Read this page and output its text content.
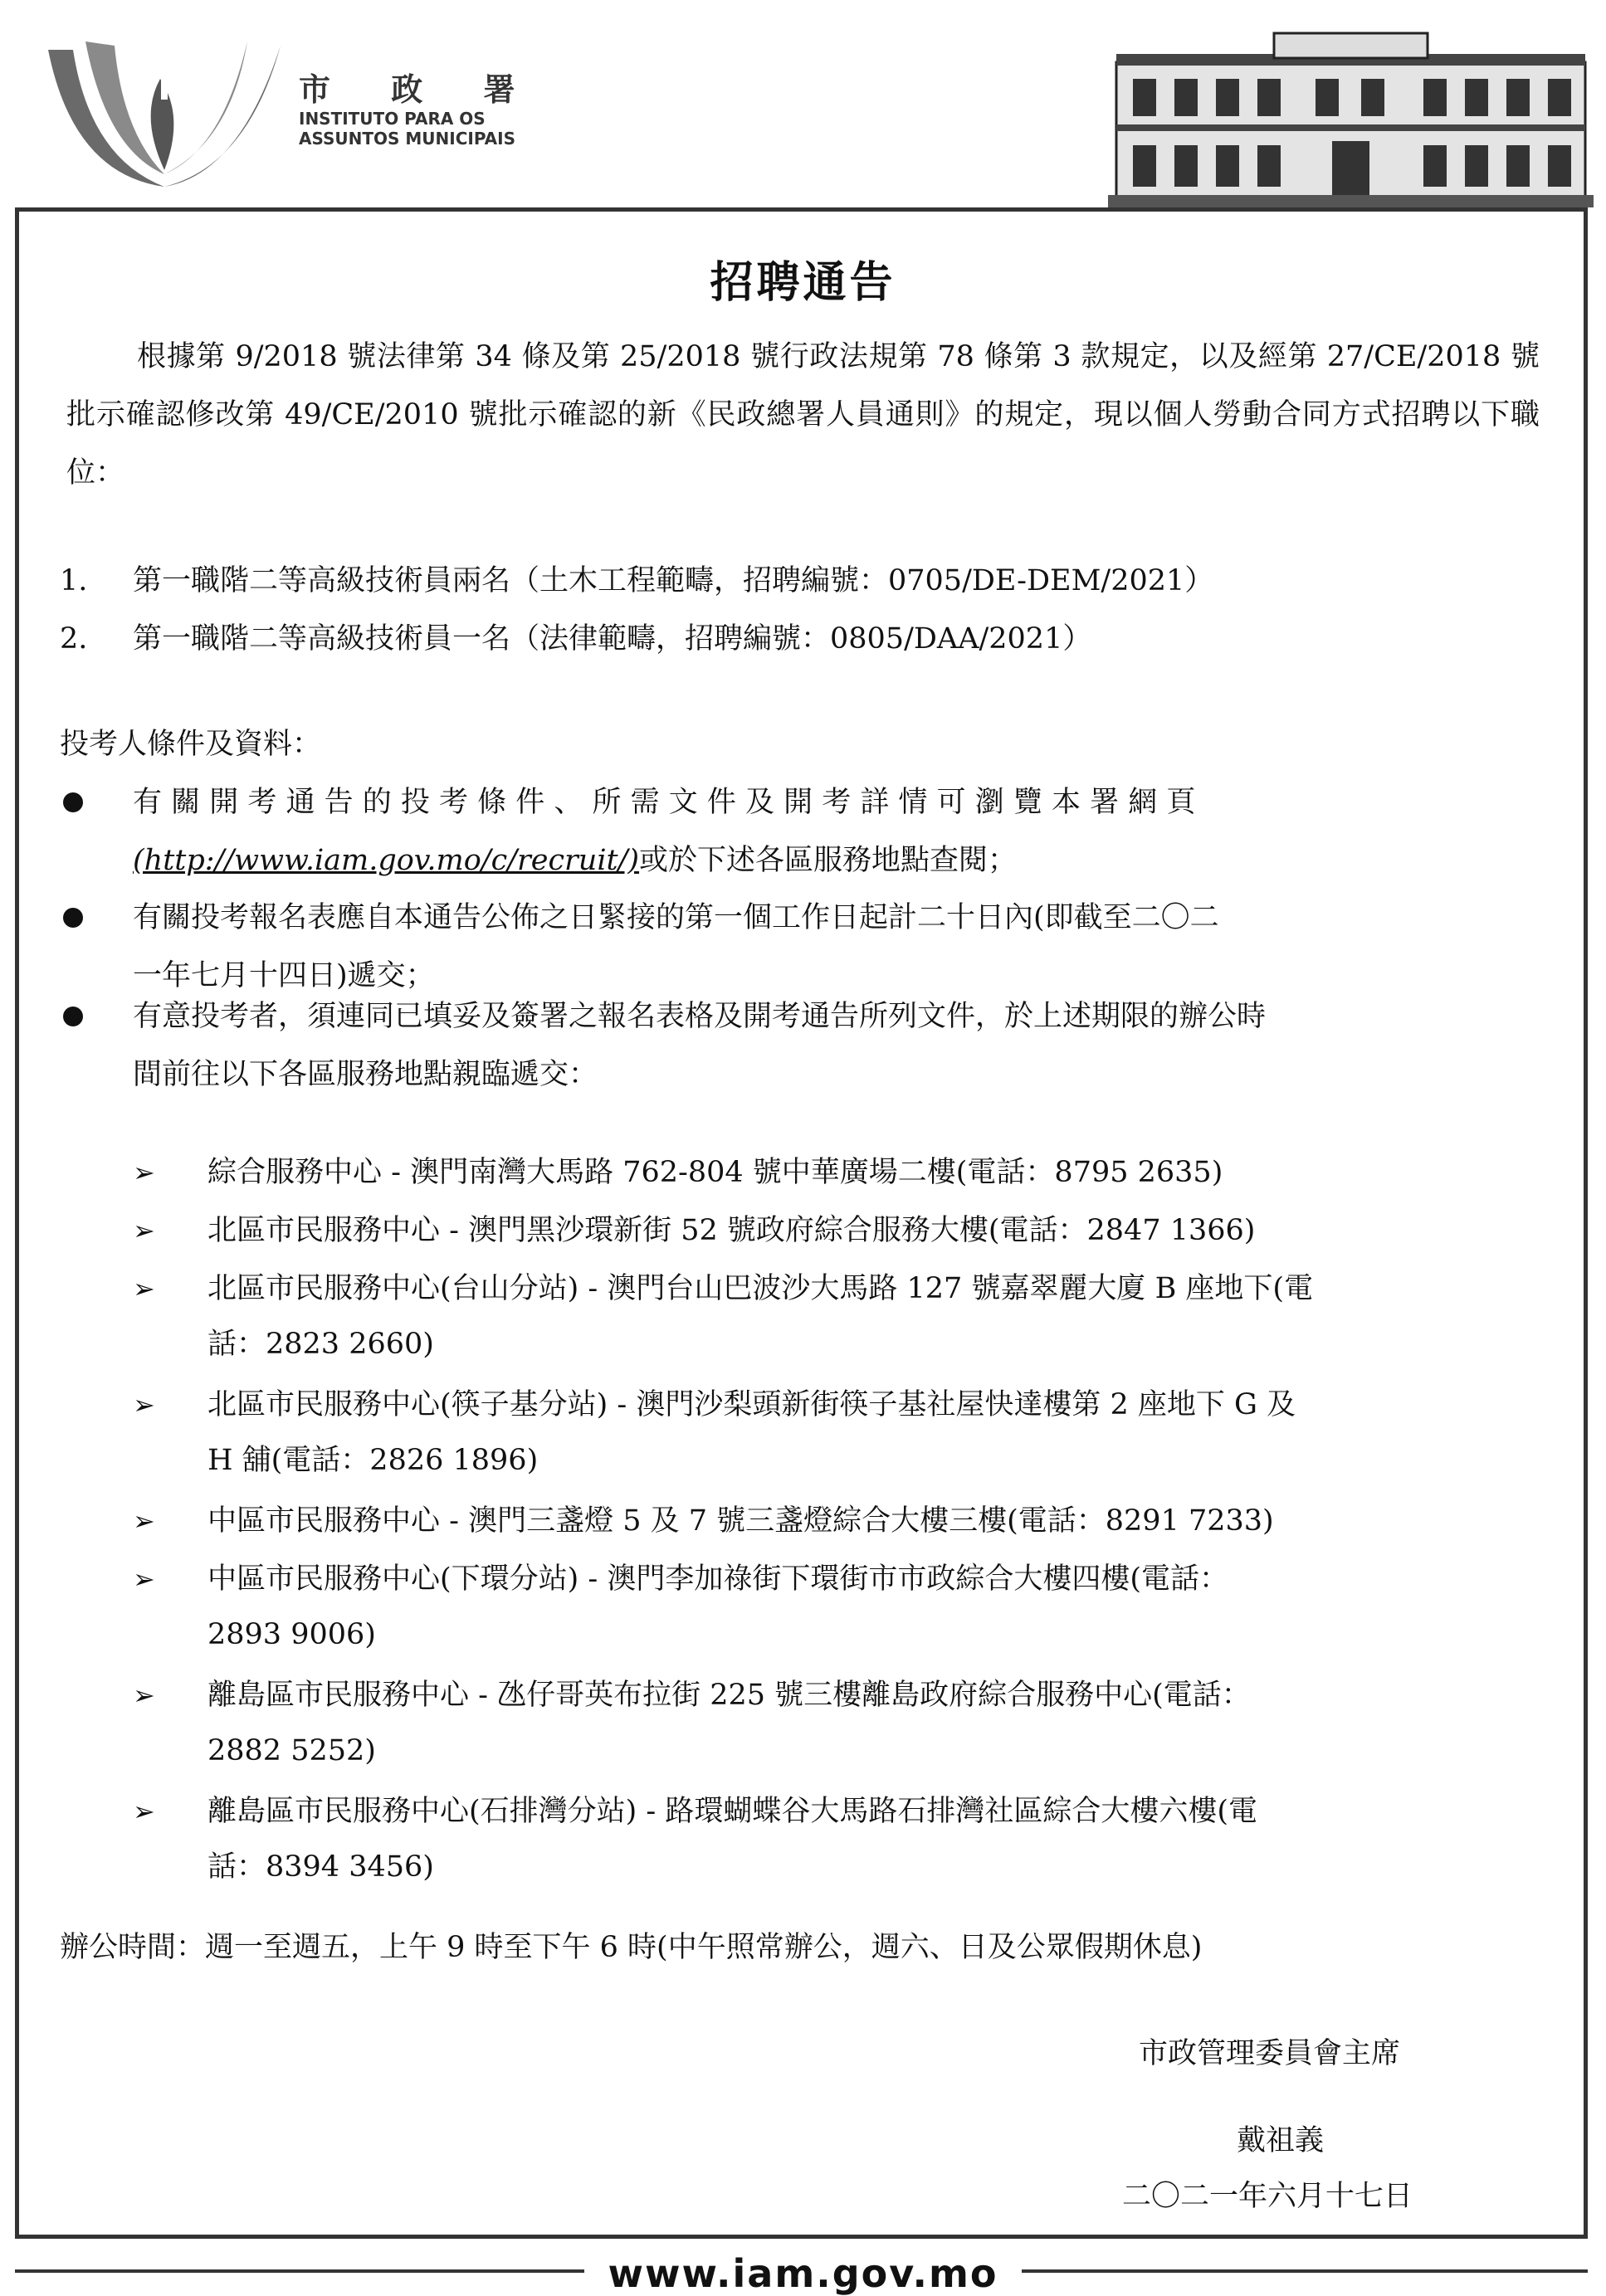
市 政 署
INSTITUTO PARA OS
ASSUNTOS MUNICIPAIS
招聘通告
根據第 9/2018 號法律第 34 條及第 25/2018 號行政法規第 78 條第 3 款規定，以及經第 27/CE/2018 號批示確認修改第 49/CE/2010 號批示確認的新《民政總署人員通則》的規定，現以個人勞動合同方式招聘以下職位：
1. 第一職階二等高級技術員兩名（土木工程範疇，招聘編號：0705/DE-DEM/2021）
2. 第一職階二等高級技術員一名（法律範疇，招聘編號：0805/DAA/2021）
投考人條件及資料：
有 關 開 考 通 告 的 投 考 條 件 、 所 需 文 件 及 開 考 詳 情 可 瀏 覽 本 署 網 頁
(http://www.iam.gov.mo/c/recruit/)或於下述各區服務地點查閱；
有關投考報名表應自本通告公佈之日緊接的第一個工作日起計二十日內(即截至二〇二
一年七月十四日)遞交；
有意投考者，須連同已填妥及簽署之報名表格及開考通告所列文件，於上述期限的辦公時
間前往以下各區服務地點親臨遞交：
➢ 綜合服務中心 - 澳門南灣大馬路 762-804 號中華廣場二樓(電話：8795 2635)
➢ 北區市民服務中心 - 澳門黑沙環新街 52 號政府綜合服務大樓(電話：2847 1366)
➢ 北區市民服務中心(台山分站) - 澳門台山巴波沙大馬路 127 號嘉翠麗大廈 B 座地下(電
話：2823 2660)
➢ 北區市民服務中心(筷子基分站) - 澳門沙梨頭新街筷子基社屋快達樓第 2 座地下 G 及
H 舖(電話：2826 1896)
➢ 中區市民服務中心 - 澳門三盞燈 5 及 7 號三盞燈綜合大樓三樓(電話：8291 7233)
➢ 中區市民服務中心(下環分站) - 澳門李加祿街下環街市市政綜合大樓四樓(電話：
2893 9006)
➢ 離島區市民服務中心 - 氹仔哥英布拉街 225 號三樓離島政府綜合服務中心(電話：
2882 5252)
➢ 離島區市民服務中心(石排灣分站) - 路環蝴蝶谷大馬路石排灣社區綜合大樓六樓(電
話：8394 3456)
辦公時間：週一至週五，上午 9 時至下午 6 時(中午照常辦公，週六、日及公眾假期休息)
市政管理委員會主席
戴祖義
二〇二一年六月十七日
www.iam.gov.mo
